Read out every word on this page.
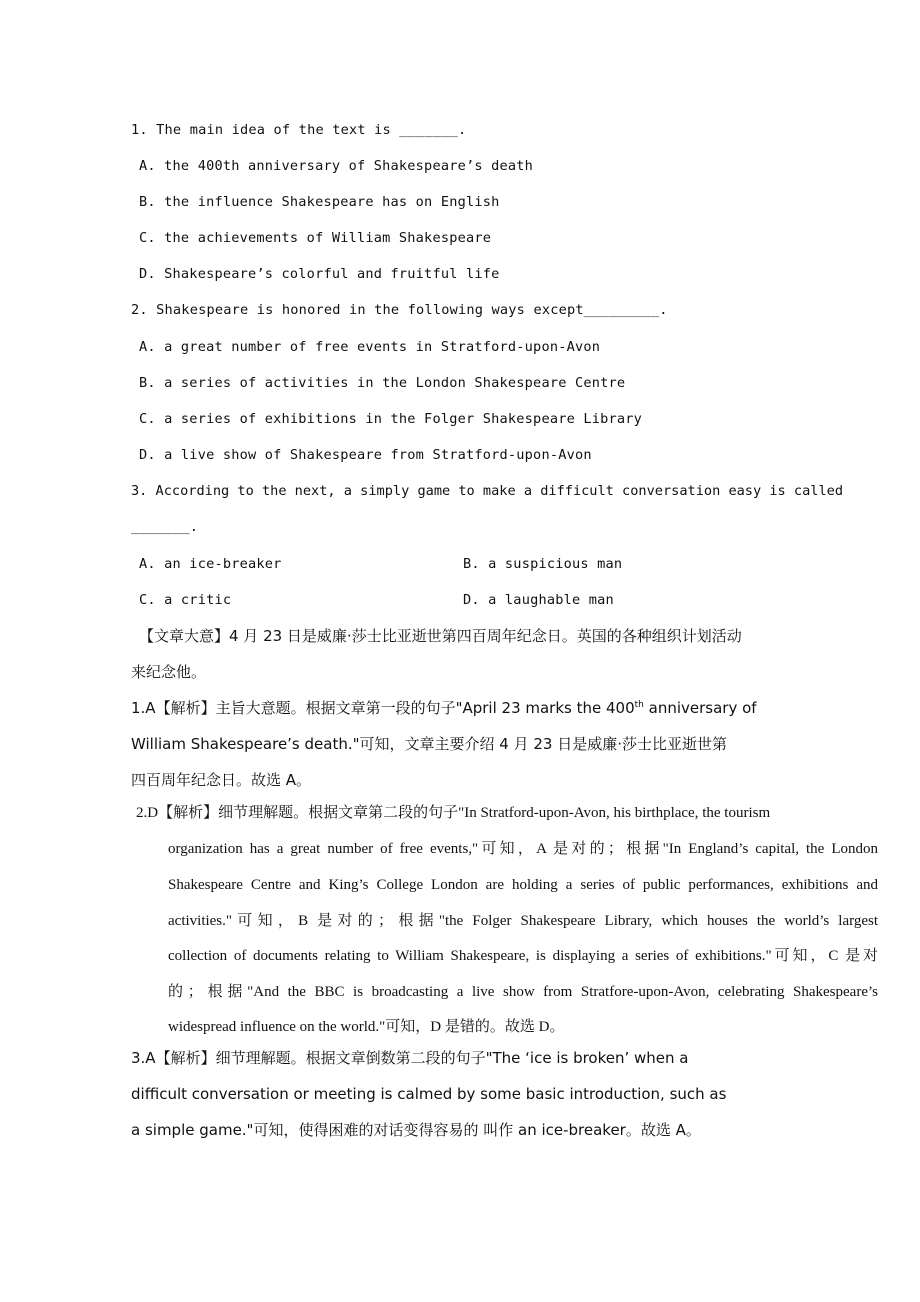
1. The main idea of the text is _______.
A. the 400th anniversary of Shakespeare’s death
B. the influence Shakespeare has on English
C. the achievements of William Shakespeare
D. Shakespeare’s colorful and fruitful life
2. Shakespeare is honored in the following ways except_________.
A. a great number of free events in Stratford-upon-Avon
B. a series of activities in the London Shakespeare Centre
C. a series of exhibitions in the Folger Shakespeare Library
D. a live show of Shakespeare from Stratford-upon-Avon
3. According to the next, a simply game to make a difficult conversation easy is called
_______.
A. an ice-breaker	B. a suspicious man
C. a critic	D. a laughable man
【文章大意】4 月 23 日是威廉·莎士比亚逝世第四百周年纪念日。英国的各种组织计划活动
来纪念他。
1.A【解析】主旨大意题。根据文章第一段的句子"April 23 marks the 400th anniversary of
William Shakespeare’s death."可知，文章主要介绍 4 月 23 日是威廉·莎士比亚逝世第
四百周年纪念日。故选 A。
2.D【解析】细节理解题。根据文章第二段的句子"In Stratford-upon-Avon, his birthplace, the tourism
organization has a great number of free events,"可知，A 是对的；根据"In England’s capital, the London
Shakespeare Centre and King’s College London are holding a series of public performances, exhibitions and
activities."可知，B 是对的；根据"the Folger Shakespeare Library, which houses the world’s largest
collection of documents relating to William Shakespeare, is displaying a series of exhibitions."可知，C 是对
的；根据"And the BBC is broadcasting a live show from Stratfore-upon-Avon, celebrating Shakespeare’s
widespread influence on the world."可知，D 是错的。故选 D。
3.A【解析】细节理解题。根据文章倒数第二段的句子"The ‘ice is broken’ when a
difficult conversation or meeting is calmed by some basic introduction, such as
a simple game."可知，使得困难的对话变得容易的 叫作 an ice-breaker。故选 A。
